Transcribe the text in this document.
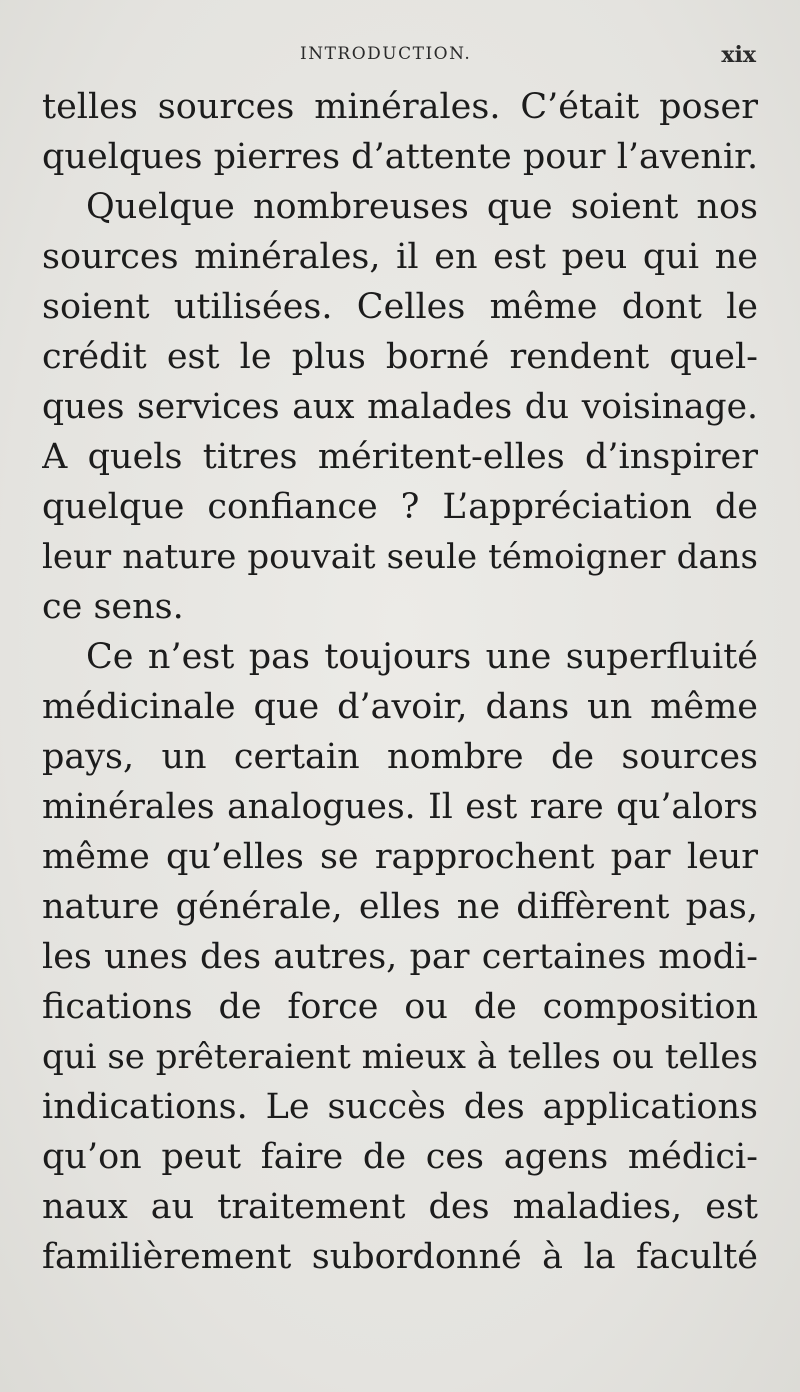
INTRODUCTION.	xix
telles sources minérales. C’était poser
quelques pierres d’attente pour l’avenir.
Quelque nombreuses que soient nos
sources minérales, il en est peu qui ne
soient utilisées. Celles même dont le
crédit est le plus borné rendent quel-
ques services aux malades du voisinage.
A quels titres méritent-elles d’inspirer
quelque confiance ? L’appréciation de
leur nature pouvait seule témoigner dans
ce sens.
Ce n’est pas toujours une superfluité
médicinale que d’avoir, dans un même
pays, un certain nombre de sources
minérales analogues. Il est rare qu’alors
même qu’elles se rapprochent par leur
nature générale, elles ne diffèrent pas,
les unes des autres, par certaines modi-
fications de force ou de composition
qui se prêteraient mieux à telles ou telles
indications. Le succès des applications
qu’on peut faire de ces agens médici-
naux au traitement des maladies, est
familièrement subordonné à la faculté
